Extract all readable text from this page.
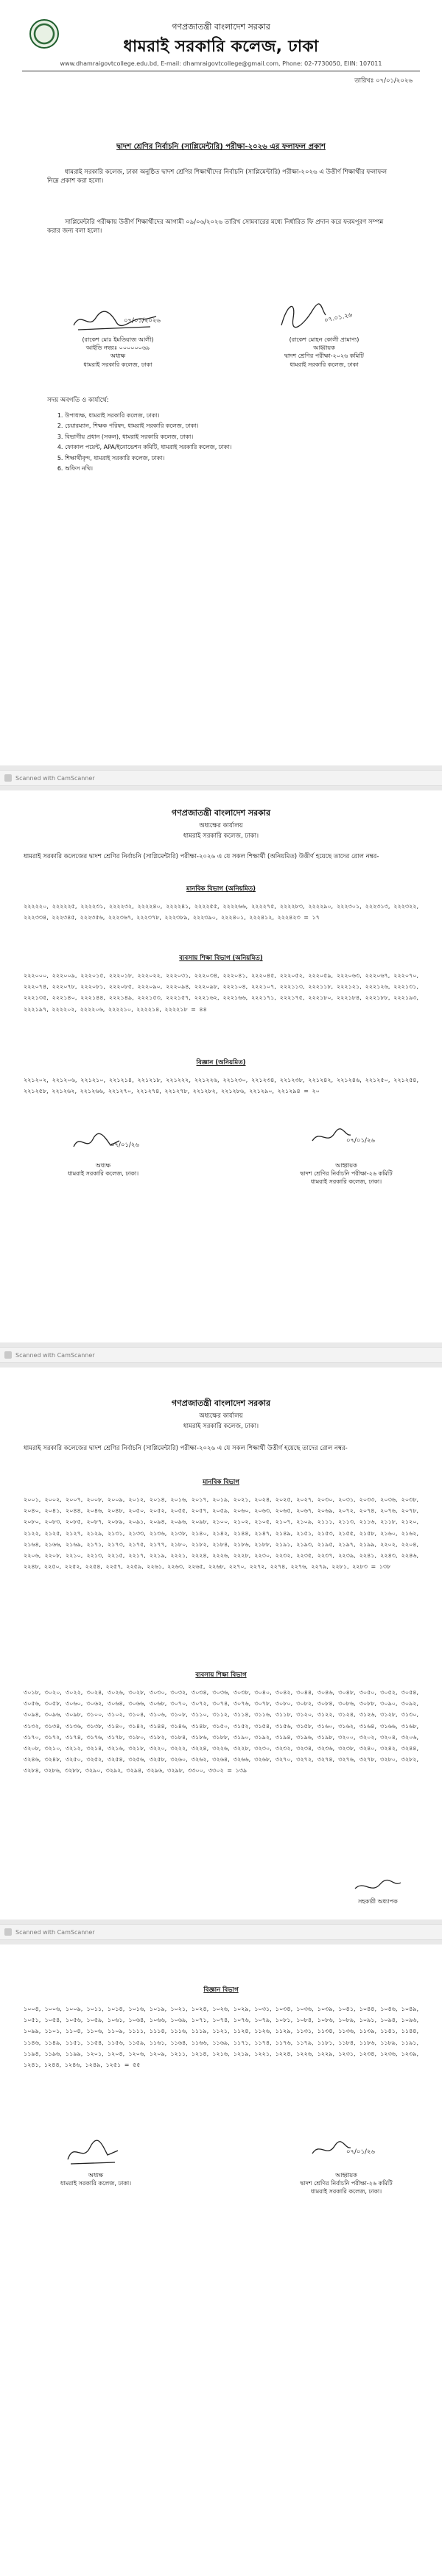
গণপ্রজাতন্ত্রী বাংলাদেশ সরকার
ধামরাই সরকারি কলেজ, ঢাকা
www.dhamraigovtcollege.edu.bd, E-mail: dhamraigovtcollege@gmail.com, Phone: 02-7730050, EIIN: 107011
তারিখঃ ০৭/০১/২০২৬
দ্বাদশ শ্রেণির নির্বাচনি (সাপ্লিমেন্টারি) পরীক্ষা-২০২৬ এর ফলাফল প্রকাশ
ধামরাই সরকারি কলেজ, ঢাকা অনুষ্ঠিত দ্বাদশ শ্রেণির শিক্ষার্থীদের নির্বাচনি (সাপ্লিমেন্টারি) পরীক্ষা-২০২৬ এ উত্তীর্ণ শিক্ষার্থীর ফলাফল নিম্নে প্রকাশ করা হলো।
সাপ্লিমেন্টারি পরীক্ষায় উত্তীর্ণ শিক্ষার্থীদের আগামী ০৯/০৬/২০২৬ তারিখ সোমবারের মধ্যে নির্ধারিত ফি প্রদান করে ফরমপূরণ সম্পন্ন করার জন্য বলা হলো।
০৭/০১/২০২৬
(রাকেশ মোঃ ইমতিয়াজ আলী)
আইডি নম্বরঃ ০০০০০০৬৯
অধ্যক্ষ
ধামরাই সরকারি কলেজ, ঢাকা
০৭.০১.২৬
(রাকেশ মোহন কোলী প্রামাণ্য)
আহ্বায়ক
দ্বাদশ শ্রেণির পরীক্ষা-২০২৬ কমিটি
ধামরাই সরকারি কলেজ, ঢাকা
সদয় অবগতি ও কার্যার্থে:
1. উপাধ্যক্ষ, ধামরাই সরকারি কলেজ, ঢাকা।
2. চেয়ারম্যান, শিক্ষক পরিষদ, ধামরাই সরকারি কলেজ, ঢাকা।
3. বিভাগীয় প্রধান (সকল), ধামরাই সরকারি কলেজ, ঢাকা।
4. ফোকাল পয়েন্ট, APA/ইনোভেশন কমিটি, ধামরাই সরকারি কলেজ, ঢাকা।
5. শিক্ষার্থীবৃন্দ, ধামরাই সরকারি কলেজ, ঢাকা।
6. অফিস নথি।
Scanned with CamScanner
গণপ্রজাতন্ত্রী বাংলাদেশ সরকার
অধ্যক্ষের কার্যালয়
ধামরাই সরকারি কলেজ, ঢাকা।
ধামরাই সরকারি কলেজের দ্বাদশ শ্রেণির নির্বাচনি (সাপ্লিমেন্টারি) পরীক্ষা-২০২৬ এ যে সকল শিক্ষার্থী (অনিয়মিত) উত্তীর্ণ হয়েছে তাদের রোল নম্বর-
মানবিক বিভাগ (অনিয়মিত)
২২২২২০, ২২২২২৫, ২২২২৩১, ২২২২৩২, ২২২২৪০, ২২২২৪১, ২২২২৫৫, ২২২২৬৬, ২২২২৭৫, ২২২২৮৩, ২২২২৯০, ২২২৩০১, ২২২৩১৩, ২২২৩২২, ২২২৩৩৪, ২২২৩৪৫, ২২২৩৫৬, ২২২৩৬৭, ২২২৩৭৮, ২২২৩৮৯, ২২২৩৯০, ২২২৪০১, ২২২৪১২, ২২২৪২৩ = ১৭
ব্যবসায় শিক্ষা বিভাগ (অনিয়মিত)
২২২০০০, ২২২০০৯, ২২২০১৫, ২২২০১৮, ২২২০২২, ২২২০৩১, ২২২০৩৪, ২২২০৪১, ২২২০৪৫, ২২২০৫২, ২২২০৫৯, ২২২০৬৩, ২২২০৬৭, ২২২০৭০, ২২২০৭৪, ২২২০৭৮, ২২২০৮১, ২২২০৮৫, ২২২০৯০, ২২২০৯৪, ২২২০৯৮, ২২২১০৪, ২২২১০৭, ২২২১১৩, ২২২১১৮, ২২২১২১, ২২২১২৬, ২২২১৩১, ২২২১৩৫, ২২২১৪০, ২২২১৪৪, ২২২১৪৯, ২২২১৫৩, ২২২১৫৭, ২২২১৬২, ২২২১৬৬, ২২২১৭১, ২২২১৭৫, ২২২১৮০, ২২২১৮৪, ২২২১৮৮, ২২২১৯৩, ২২২১৯৭, ২২২২০২, ২২২২০৬, ২২২২১০, ২২২২১৪, ২২২২১৮ = ৪৪
বিজ্ঞান (অনিয়মিত)
২২১২০২, ২২১২০৬, ২২১২১০, ২২১২১৪, ২২১২১৮, ২২১২২২, ২২১২২৬, ২২১২৩০, ২২১২৩৪, ২২১২৩৮, ২২১২৪২, ২২১২৪৬, ২২১২৫০, ২২১২৫৪, ২২১২৫৮, ২২১২৬২, ২২১২৬৬, ২২১২৭০, ২২১২৭৪, ২২১২৭৮, ২২১২৮২, ২২১২৮৬, ২২১২৯০, ২২১২৯৪ = ২০
০৭/০১/২৬
অধ্যক্ষ
ধামরাই সরকারি কলেজ, ঢাকা।
০৭/০১/২৬
আহ্বায়ক
দ্বাদশ শ্রেণির নির্বাচনি পরীক্ষা-২৬ কমিটি
ধামরাই সরকারি কলেজ, ঢাকা।
Scanned with CamScanner
গণপ্রজাতন্ত্রী বাংলাদেশ সরকার
অধ্যক্ষের কার্যালয়
ধামরাই সরকারি কলেজ, ঢাকা।
ধামরাই সরকারি কলেজের দ্বাদশ শ্রেণির নির্বাচনি (সাপ্লিমেন্টারি) পরীক্ষা-২০২৬ এ যে সকল শিক্ষার্থী উত্তীর্ণ হয়েছে তাদের রোল নম্বর-
মানবিক বিভাগ
২০০১, ২০০২, ২০০৭, ২০০৮, ২০০৯, ২০১২, ২০১৪, ২০১৬, ২০১৭, ২০১৯, ২০২১, ২০২৪, ২০২৫, ২০২৭, ২০৩০, ২০৩১, ২০৩৩, ২০৩৬, ২০৩৮, ২০৪০, ২০৪১, ২০৪৪, ২০৪৬, ২০৪৮, ২০৫০, ২০৫২, ২০৫৫, ২০৫৭, ২০৫৯, ২০৬০, ২০৬৩, ২০৬৫, ২০৬৭, ২০৬৯, ২০৭২, ২০৭৪, ২০৭৬, ২০৭৮, ২০৮০, ২০৮৩, ২০৮৫, ২০৮৭, ২০৮৯, ২০৯১, ২০৯৪, ২০৯৬, ২০৯৮, ২১০০, ২১০২, ২১০৫, ২১০৭, ২১০৯, ২১১১, ২১১৩, ২১১৬, ২১১৮, ২১২০, ২১২২, ২১২৫, ২১২৭, ২১২৯, ২১৩১, ২১৩৩, ২১৩৬, ২১৩৮, ২১৪০, ২১৪২, ২১৪৪, ২১৪৭, ২১৪৯, ২১৫১, ২১৫৩, ২১৫৫, ২১৫৮, ২১৬০, ২১৬২, ২১৬৪, ২১৬৬, ২১৬৯, ২১৭১, ২১৭৩, ২১৭৫, ২১৭৭, ২১৮০, ২১৮২, ২১৮৪, ২১৮৬, ২১৮৮, ২১৯১, ২১৯৩, ২১৯৫, ২১৯৭, ২১৯৯, ২২০২, ২২০৪, ২২০৬, ২২০৮, ২২১০, ২২১৩, ২২১৫, ২২১৭, ২২১৯, ২২২১, ২২২৪, ২২২৬, ২২২৮, ২২৩০, ২২৩২, ২২৩৫, ২২৩৭, ২২৩৯, ২২৪১, ২২৪৩, ২২৪৬, ২২৪৮, ২২৫০, ২২৫২, ২২৫৪, ২২৫৭, ২২৫৯, ২২৬১, ২২৬৩, ২২৬৫, ২২৬৮, ২২৭০, ২২৭২, ২২৭৪, ২২৭৬, ২২৭৯, ২২৮১, ২২৮৩ = ১৩৮
ব্যবসায় শিক্ষা বিভাগ
৩০১৮, ৩০২০, ৩০২২, ৩০২৪, ৩০২৬, ৩০২৮, ৩০৩০, ৩০৩২, ৩০৩৪, ৩০৩৬, ৩০৩৮, ৩০৪০, ৩০৪২, ৩০৪৪, ৩০৪৬, ৩০৪৮, ৩০৫০, ৩০৫২, ৩০৫৪, ৩০৫৬, ৩০৫৮, ৩০৬০, ৩০৬২, ৩০৬৪, ৩০৬৬, ৩০৬৮, ৩০৭০, ৩০৭২, ৩০৭৪, ৩০৭৬, ৩০৭৮, ৩০৮০, ৩০৮২, ৩০৮৪, ৩০৮৬, ৩০৮৮, ৩০৯০, ৩০৯২, ৩০৯৪, ৩০৯৬, ৩০৯৮, ৩১০০, ৩১০২, ৩১০৪, ৩১০৬, ৩১০৮, ৩১১০, ৩১১২, ৩১১৪, ৩১১৬, ৩১১৮, ৩১২০, ৩১২২, ৩১২৪, ৩১২৬, ৩১২৮, ৩১৩০, ৩১৩২, ৩১৩৪, ৩১৩৬, ৩১৩৮, ৩১৪০, ৩১৪২, ৩১৪৪, ৩১৪৬, ৩১৪৮, ৩১৫০, ৩১৫২, ৩১৫৪, ৩১৫৬, ৩১৫৮, ৩১৬০, ৩১৬২, ৩১৬৪, ৩১৬৬, ৩১৬৮, ৩১৭০, ৩১৭২, ৩১৭৪, ৩১৭৬, ৩১৭৮, ৩১৮০, ৩১৮২, ৩১৮৪, ৩১৮৬, ৩১৮৮, ৩১৯০, ৩১৯২, ৩১৯৪, ৩১৯৬, ৩১৯৮, ৩২০০, ৩২০২, ৩২০৪, ৩২০৬, ৩২০৮, ৩২১০, ৩২১২, ৩২১৪, ৩২১৬, ৩২১৮, ৩২২০, ৩২২২, ৩২২৪, ৩২২৬, ৩২২৮, ৩২৩০, ৩২৩২, ৩২৩৪, ৩২৩৬, ৩২৩৮, ৩২৪০, ৩২৪২, ৩২৪৪, ৩২৪৬, ৩২৪৮, ৩২৫০, ৩২৫২, ৩২৫৪, ৩২৫৬, ৩২৫৮, ৩২৬০, ৩২৬২, ৩২৬৪, ৩২৬৬, ৩২৬৮, ৩২৭০, ৩২৭২, ৩২৭৪, ৩২৭৬, ৩২৭৮, ৩২৮০, ৩২৮২, ৩২৮৪, ৩২৮৬, ৩২৮৮, ৩২৯০, ৩২৯২, ৩২৯৪, ৩২৯৬, ৩২৯৮, ৩৩০০, ৩৩০২ = ১৩৯
সহকারী অধ্যাপক
Scanned with CamScanner
বিজ্ঞান বিভাগ
১০০৪, ১০০৬, ১০০৯, ১০১১, ১০১৪, ১০১৬, ১০১৯, ১০২১, ১০২৪, ১০২৬, ১০২৯, ১০৩১, ১০৩৪, ১০৩৬, ১০৩৯, ১০৪১, ১০৪৪, ১০৪৬, ১০৪৯, ১০৫১, ১০৫৪, ১০৫৬, ১০৫৯, ১০৬১, ১০৬৪, ১০৬৬, ১০৬৯, ১০৭১, ১০৭৪, ১০৭৬, ১০৭৯, ১০৮১, ১০৮৪, ১০৮৬, ১০৮৯, ১০৯১, ১০৯৪, ১০৯৬, ১০৯৯, ১১০১, ১১০৪, ১১০৬, ১১০৯, ১১১১, ১১১৪, ১১১৬, ১১১৯, ১১২১, ১১২৪, ১১২৬, ১১২৯, ১১৩১, ১১৩৪, ১১৩৬, ১১৩৯, ১১৪১, ১১৪৪, ১১৪৬, ১১৪৯, ১১৫১, ১১৫৪, ১১৫৬, ১১৫৯, ১১৬১, ১১৬৪, ১১৬৬, ১১৬৯, ১১৭১, ১১৭৪, ১১৭৬, ১১৭৯, ১১৮১, ১১৮৪, ১১৮৬, ১১৮৯, ১১৯১, ১১৯৪, ১১৯৬, ১১৯৯, ১২০১, ১২০৪, ১২০৬, ১২০৯, ১২১১, ১২১৪, ১২১৬, ১২১৯, ১২২১, ১২২৪, ১২২৬, ১২২৯, ১২৩১, ১২৩৪, ১২৩৬, ১২৩৯, ১২৪১, ১২৪৪, ১২৪৬, ১২৪৯, ১২৫১ = ৫৫
অধ্যক্ষ
ধামরাই সরকারি কলেজ, ঢাকা।
০৭/০১/২৬
আহ্বায়ক
দ্বাদশ শ্রেণির নির্বাচনি পরীক্ষা-২৬ কমিটি
ধামরাই সরকারি কলেজ, ঢাকা।
